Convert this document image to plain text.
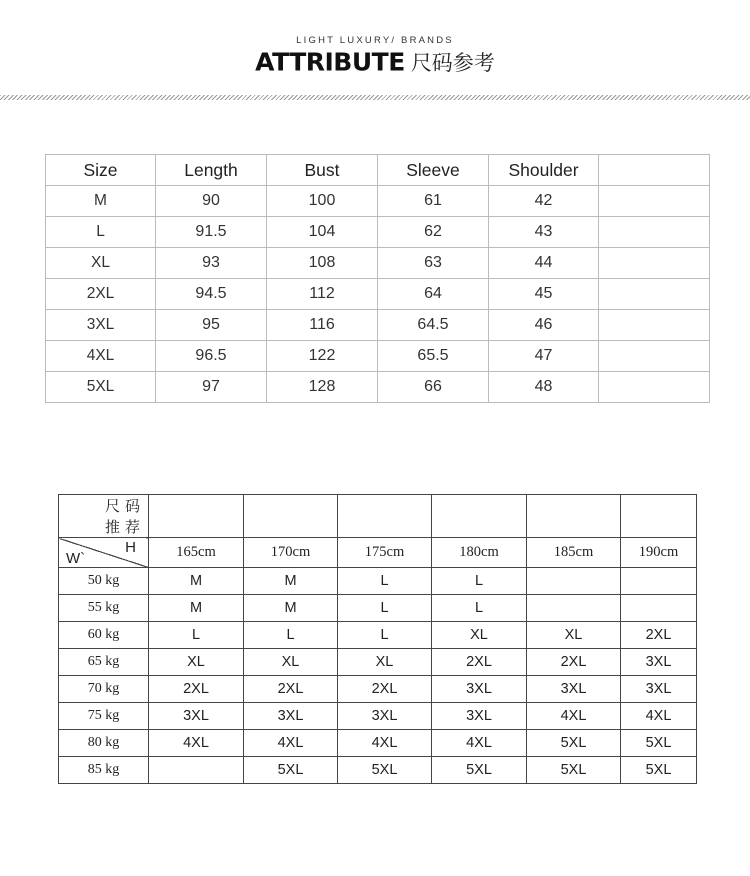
LIGHT LUXURY/ BRANDS
ATTRIBUTE 尺码参考
Size	Length	Bust	Sleeve	Shoulder	
M	90	100	61	42	
L	91.5	104	62	43	
XL	93	108	63	44	
2XL	94.5	112	64	45	
3XL	95	116	64.5	46	
4XL	96.5	122	65.5	47	
5XL	97	128	66	48	
尺码推荐						

H
W`	165cm	170cm	175cm	180cm	185cm	190cm
50 kg	M	M	L	L		
55 kg	M	M	L	L		
60 kg	L	L	L	XL	XL	2XL
65 kg	XL	XL	XL	2XL	2XL	3XL
70 kg	2XL	2XL	2XL	3XL	3XL	3XL
75 kg	3XL	3XL	3XL	3XL	4XL	4XL
80 kg	4XL	4XL	4XL	4XL	5XL	5XL
85 kg		5XL	5XL	5XL	5XL	5XL
